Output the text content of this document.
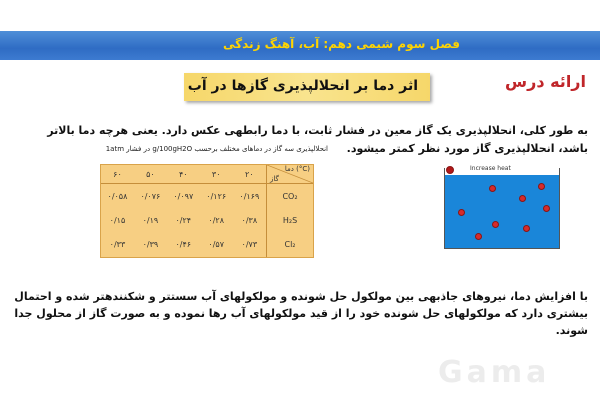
فصل سوم شیمی دهم: آب، آهنگ زندگی
ارائه درس
اثر دما بر انحلالپذیری گازها در آب
به طور کلی، انحلالپذیری یک گاز معین در فشار ثابت، با دما رابطهی عکس دارد. یعنی هرچه دما بالاتر باشد، انحلالپذیری گاز مورد نظر کمتر میشود.
انحلالپذیری سه گاز در دماهای مختلف برحسب g/100gH2O در فشار 1atm
۶۰	۵۰	۴۰	۳۰	۲۰	دما (°C)
گاز

۰/۰۵۸	۰/۰۷۶	۰/۰۹۷	۰/۱۲۶	۰/۱۶۹	CO₂
۰/۱۵	۰/۱۹	۰/۲۴	۰/۲۸	۰/۳۸	H₂S
۰/۳۳	۰/۳۹	۰/۴۶	۰/۵۷	۰/۷۳	Cl₂
Increase heat
با افزایش دما، نیروهای جاذبهی بین مولکول حل شونده و مولکولهای آب سستتر و شکنندهتر شده و احتمال بیشتری دارد که مولکولهای حل شونده خود را از قید مولکولهای آب رها نموده و به صورت گاز از محلول جدا شوند.
Gama
